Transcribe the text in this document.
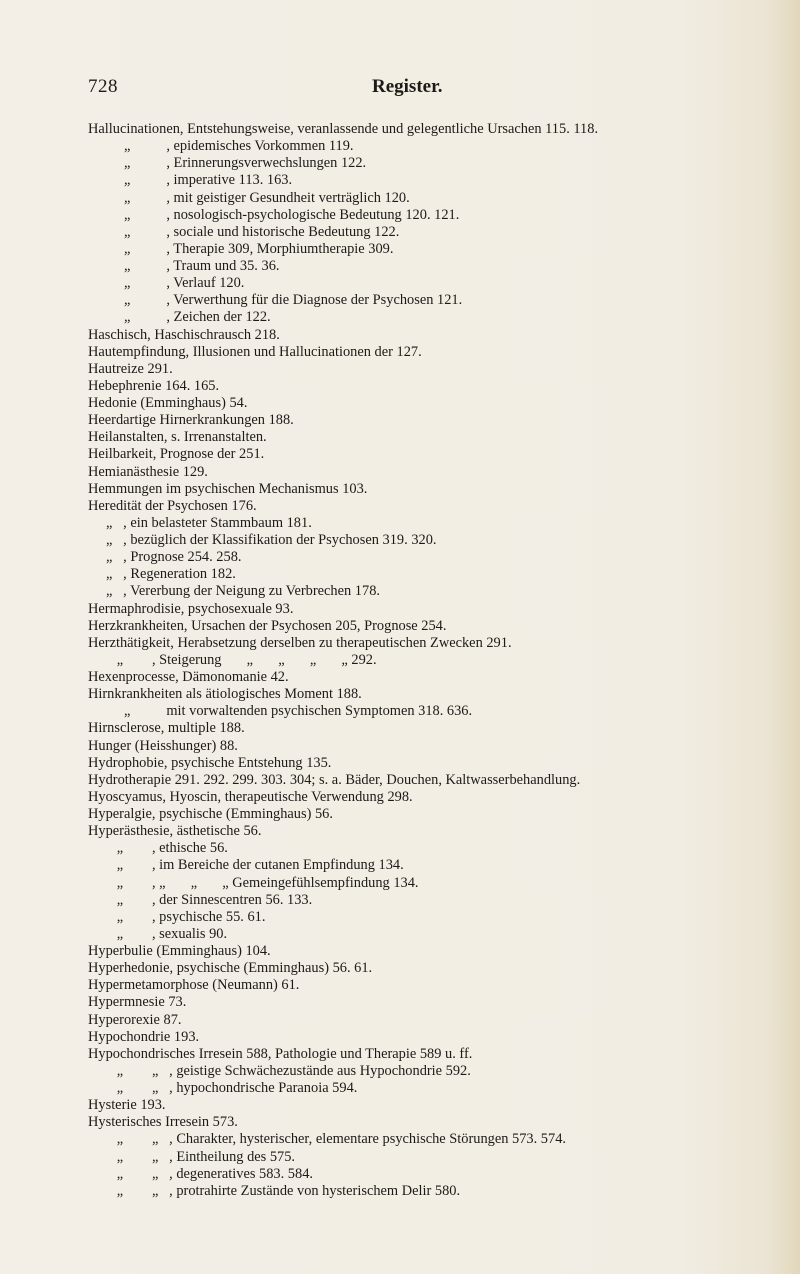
728	Register.
Hallucinationen, Entstehungsweise, veranlassende und gelegentliche Ursachen 115. 118.
„          , epidemisches Vorkommen 119.
„          , Erinnerungsverwechslungen 122.
„          , imperative 113. 163.
„          , mit geistiger Gesundheit verträglich 120.
„          , nosologisch-psychologische Bedeutung 120. 121.
„          , sociale und historische Bedeutung 122.
„          , Therapie 309, Morphiumtherapie 309.
„          , Traum und 35. 36.
„          , Verlauf 120.
„          , Verwerthung für die Diagnose der Psychosen 121.
„          , Zeichen der 122.
Haschisch, Haschischrausch 218.
Hautempfindung, Illusionen und Hallucinationen der 127.
Hautreize 291.
Hebephrenie 164. 165.
Hedonie (Emminghaus) 54.
Heerdartige Hirnerkrankungen 188.
Heilanstalten, s. Irrenanstalten.
Heilbarkeit, Prognose der 251.
Hemianästhesie 129.
Hemmungen im psychischen Mechanismus 103.
Heredität der Psychosen 176.
„   , ein belasteter Stammbaum 181.
„   , bezüglich der Klassifikation der Psychosen 319. 320.
„   , Prognose 254. 258.
„   , Regeneration 182.
„   , Vererbung der Neigung zu Verbrechen 178.
Hermaphrodisie, psychosexuale 93.
Herzkrankheiten, Ursachen der Psychosen 205, Prognose 254.
Herzthätigkeit, Herabsetzung derselben zu therapeutischen Zwecken 291.
„        , Steigerung       „       „       „       „ 292.
Hexenprocesse, Dämonomanie 42.
Hirnkrankheiten als ätiologisches Moment 188.
„          mit vorwaltenden psychischen Symptomen 318. 636.
Hirnsclerose, multiple 188.
Hunger (Heisshunger) 88.
Hydrophobie, psychische Entstehung 135.
Hydrotherapie 291. 292. 299. 303. 304; s. a. Bäder, Douchen, Kaltwasserbehandlung.
Hyoscyamus, Hyoscin, therapeutische Verwendung 298.
Hyperalgie, psychische (Emminghaus) 56.
Hyperästhesie, ästhetische 56.
„        , ethische 56.
„        , im Bereiche der cutanen Empfindung 134.
„        , „       „       „ Gemeingefühlsempfindung 134.
„        , der Sinnescentren 56. 133.
„        , psychische 55. 61.
„        , sexualis 90.
Hyperbulie (Emminghaus) 104.
Hyperhedonie, psychische (Emminghaus) 56. 61.
Hypermetamorphose (Neumann) 61.
Hypermnesie 73.
Hyperorexie 87.
Hypochondrie 193.
Hypochondrisches Irresein 588, Pathologie und Therapie 589 u. ff.
„        „   , geistige Schwächezustände aus Hypochondrie 592.
„        „   , hypochondrische Paranoia 594.
Hysterie 193.
Hysterisches Irresein 573.
„        „   , Charakter, hysterischer, elementare psychische Störungen 573. 574.
„        „   , Eintheilung des 575.
„        „   , degeneratives 583. 584.
„        „   , protrahirte Zustände von hysterischem Delir 580.
